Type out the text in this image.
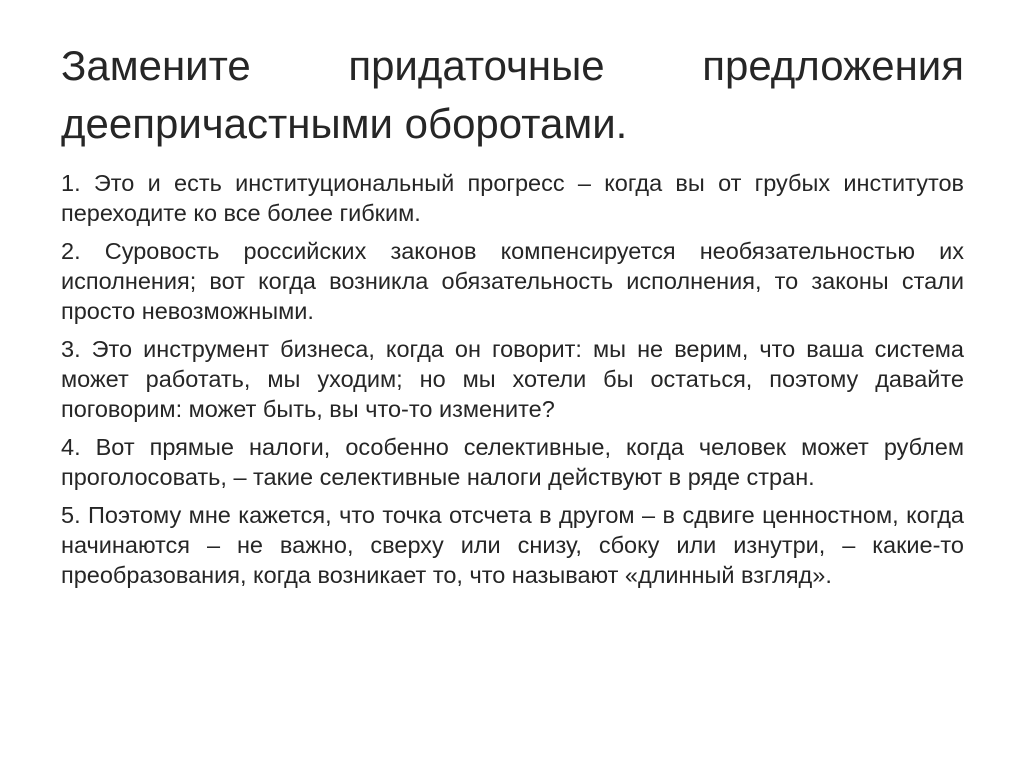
Замените придаточные предложения
деепричастными оборотами.

1. Это и есть институциональный прогресс – когда вы от грубых институтов переходите ко все более гибким.

2. Суровость российских законов компенсируется необязательностью их исполнения; вот когда возникла обязательность исполнения, то законы стали просто невозможными.

3. Это инструмент бизнеса, когда он говорит: мы не верим, что ваша система может работать, мы уходим; но мы хотели бы остаться, поэтому давайте поговорим: может быть, вы что-то измените?

4. Вот прямые налоги, особенно селективные, когда человек может рублем проголосовать, – такие селективные налоги действуют в ряде стран.

5. Поэтому мне кажется, что точка отсчета в другом – в сдвиге ценностном, когда начинаются – не важно, сверху или снизу, сбоку или изнутри, – какие-то преобразования, когда возникает то, что называют «длинный взгляд».
